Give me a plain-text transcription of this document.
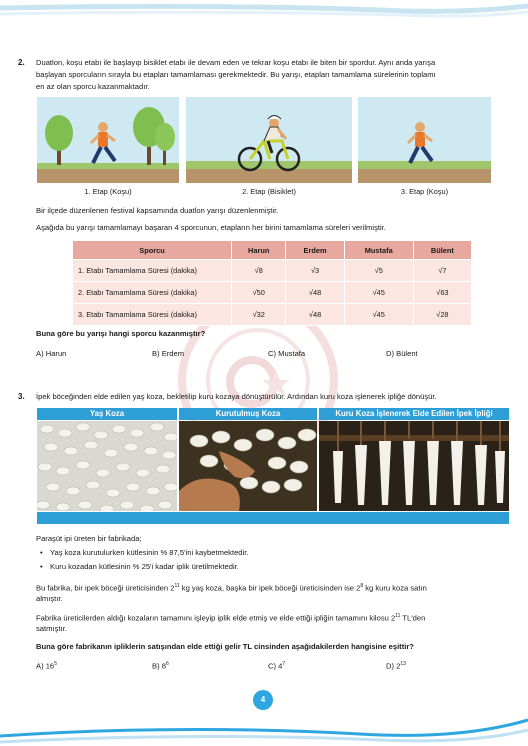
2. Duatlon, koşu etabı ile başlayıp bisiklet etabı ile devam eden ve tekrar koşu etabı ile biten bir spordur. Aynı anda yarışa
başlayan sporcuların sırayla bu etapları tamamlaması gerekmektedir. Bu yarışı, etapları tamamlama sürelerinin toplamı
en az olan sporcu kazanmaktadır.
1. Etap (Koşu)	2. Etap (Bisiklet)	3. Etap (Koşu)
Bir ilçede düzenlenen festival kapsamında duatlon yarışı düzenlenmiştir.
Aşağıda bu yarışı tamamlamayı başaran 4 sporcunun, etapların her birini tamamlama süreleri verilmiştir.
Sporcu	Harun	Erdem	Mustafa	Bülent
1. Etabı Tamamlama Süresi (dakika)	√8	√3	√5	√7
2. Etabı Tamamlama Süresi (dakika)	√50	√48	√45	√63
3. Etabı Tamamlama Süresi (dakika)	√32	√48	√45	√28
Buna göre bu yarışı hangi sporcu kazanmıştır?
A) Harun	B) Erdem	C) Mustafa	D) Bülent
3. İpek böceğinden elde edilen yaş koza, bekletilip kuru kozaya dönüştürülür. Ardından kuru koza işlenerek ipliğe dönüşür.
Yaş Koza	Kurutulmuş Koza	Kuru Koza İşlenerek Elde Edilen İpek İpliği
Paraşüt ipi üreten bir fabrikada;
• Yaş koza kurutulurken kütlesinin % 87,5'ini kaybetmektedir.
• Kuru kozadan kütlesinin % 25'i kadar iplik üretilmektedir.
Bu fabrika, bir ipek böceği üreticisinden $2^{11}$ kg yaş koza, başka bir ipek böceği üreticisinden ise $2^8$ kg kuru koza satın
almıştır.
Fabrika üreticilerden aldığı kozaların tamamını işleyip iplik elde etmiş ve elde ettiği ipliğin tamamını kilosu $2^{11}$ TL'den
satmıştır.
Buna göre fabrikanın ipliklerin satışından elde ettiği gelir TL cinsinden aşağıdakilerden hangisine eşittir?
A) $16^5$	B) $8^6$	C) $4^7$	D) $2^{13}$
4
